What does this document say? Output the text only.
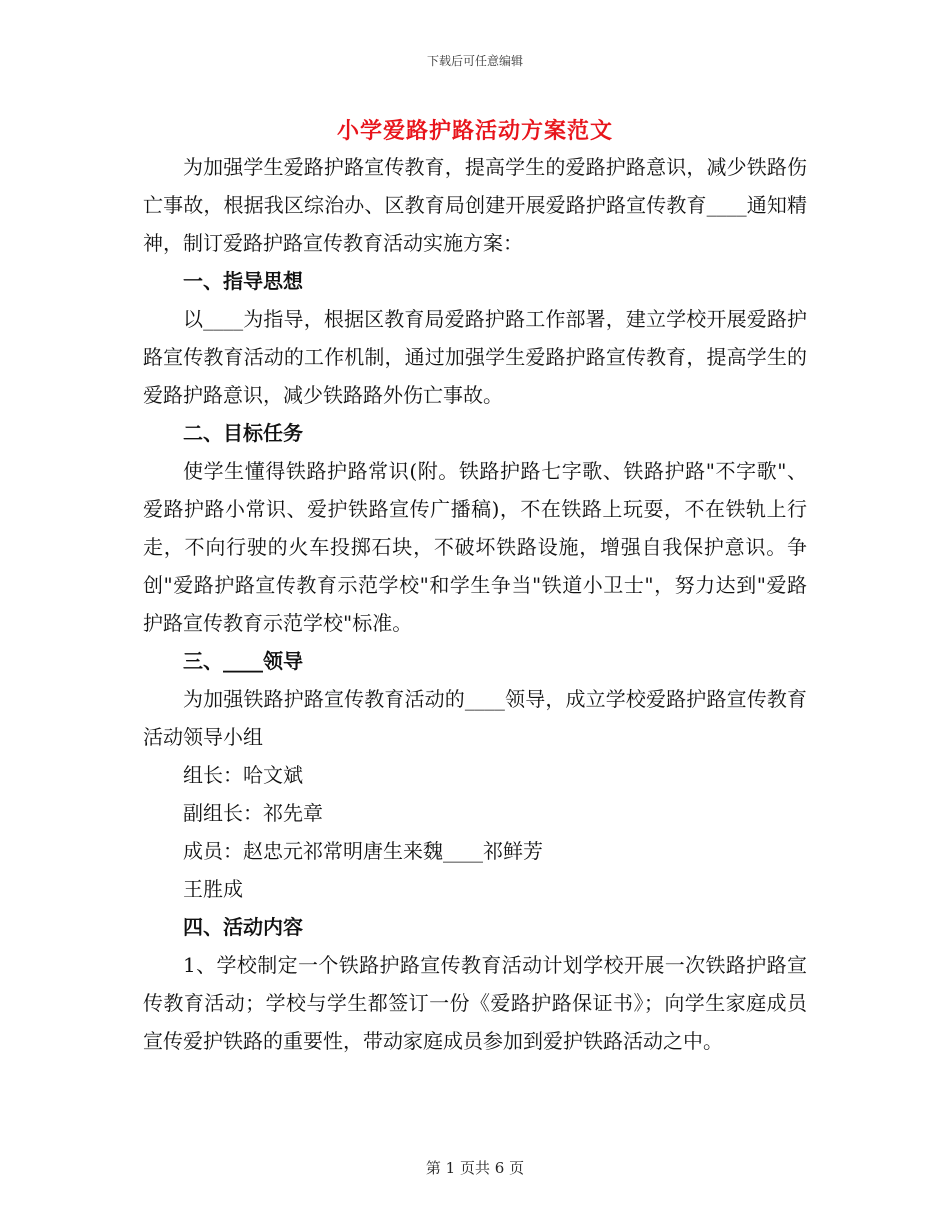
下载后可任意编辑
小学爱路护路活动方案范文

为加强学生爱路护路宣传教育，提高学生的爱路护路意识，减少铁路伤亡事故，根据我区综治办、区教育局创建开展爱路护路宣传教育____通知精神，制订爱路护路宣传教育活动实施方案：

一、指导思想

以____为指导，根据区教育局爱路护路工作部署，建立学校开展爱路护路宣传教育活动的工作机制，通过加强学生爱路护路宣传教育，提高学生的爱路护路意识，减少铁路路外伤亡事故。

二、目标任务

使学生懂得铁路护路常识(附。铁路护路七字歌、铁路护路"不字歌"、爱路护路小常识、爱护铁路宣传广播稿)，不在铁路上玩耍，不在铁轨上行走，不向行驶的火车投掷石块，不破坏铁路设施，增强自我保护意识。争创"爱路护路宣传教育示范学校"和学生争当"铁道小卫士"，努力达到"爱路护路宣传教育示范学校"标准。

三、____领导

为加强铁路护路宣传教育活动的____领导，成立学校爱路护路宣传教育活动领导小组

组长：哈文斌

副组长：祁先章

成员：赵忠元祁常明唐生来魏____祁鲜芳

王胜成

四、活动内容

1、学校制定一个铁路护路宣传教育活动计划学校开展一次铁路护路宣传教育活动；学校与学生都签订一份《爱路护路保证书》；向学生家庭成员宣传爱护铁路的重要性，带动家庭成员参加到爱护铁路活动之中。

第 1 页共 6 页
